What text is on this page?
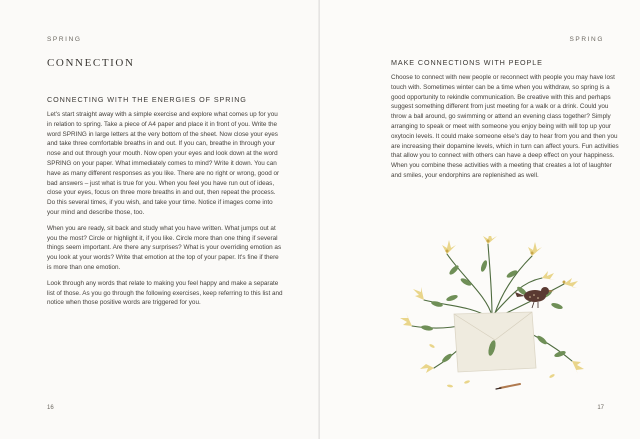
SPRING
CONNECTION
CONNECTING WITH THE ENERGIES OF SPRING

Let's start straight away with a simple exercise and explore what comes up for you in relation to spring. Take a piece of A4 paper and place it in front of you. Write the word SPRING in large letters at the very bottom of the sheet. Now close your eyes and take three comfortable breaths in and out. If you can, breathe in through your nose and out through your mouth. Now open your eyes and look down at the word SPRING on your paper. What immediately comes to mind? Write it down. You can have as many different responses as you like. There are no right or wrong, good or bad answers – just what is true for you. When you feel you have run out of ideas, close your eyes, focus on three more breaths in and out, then repeat the process. Do this several times, if you wish, and take your time. Notice if images come into your mind and describe those, too.

When you are ready, sit back and study what you have written. What jumps out at you the most? Circle or highlight it, if you like. Circle more than one thing if several things seem important. Are there any surprises? What is your overriding emotion as you look at your words? Write that emotion at the top of your paper. It's fine if there is more than one emotion.

Look through any words that relate to making you feel happy and make a separate list of those. As you go through the following exercises, keep referring to this list and notice when those positive words are triggered for you.

16
SPRING
MAKE CONNECTIONS WITH PEOPLE

Choose to connect with new people or reconnect with people you may have lost touch with. Sometimes winter can be a time when you withdraw, so spring is a good opportunity to rekindle communication. Be creative with this and perhaps suggest something different from just meeting for a walk or a drink. Could you throw a ball around, go swimming or attend an evening class together? Simply arranging to speak or meet with someone you enjoy being with will top up your oxytocin levels. It could make someone else's day to hear from you and then you are increasing their dopamine levels, which in turn can affect yours. Fun activities that allow you to connect with others can have a deep effect on your happiness. When you combine these activities with a meeting that creates a lot of laughter and smiles, your endorphins are replenished as well.

17
